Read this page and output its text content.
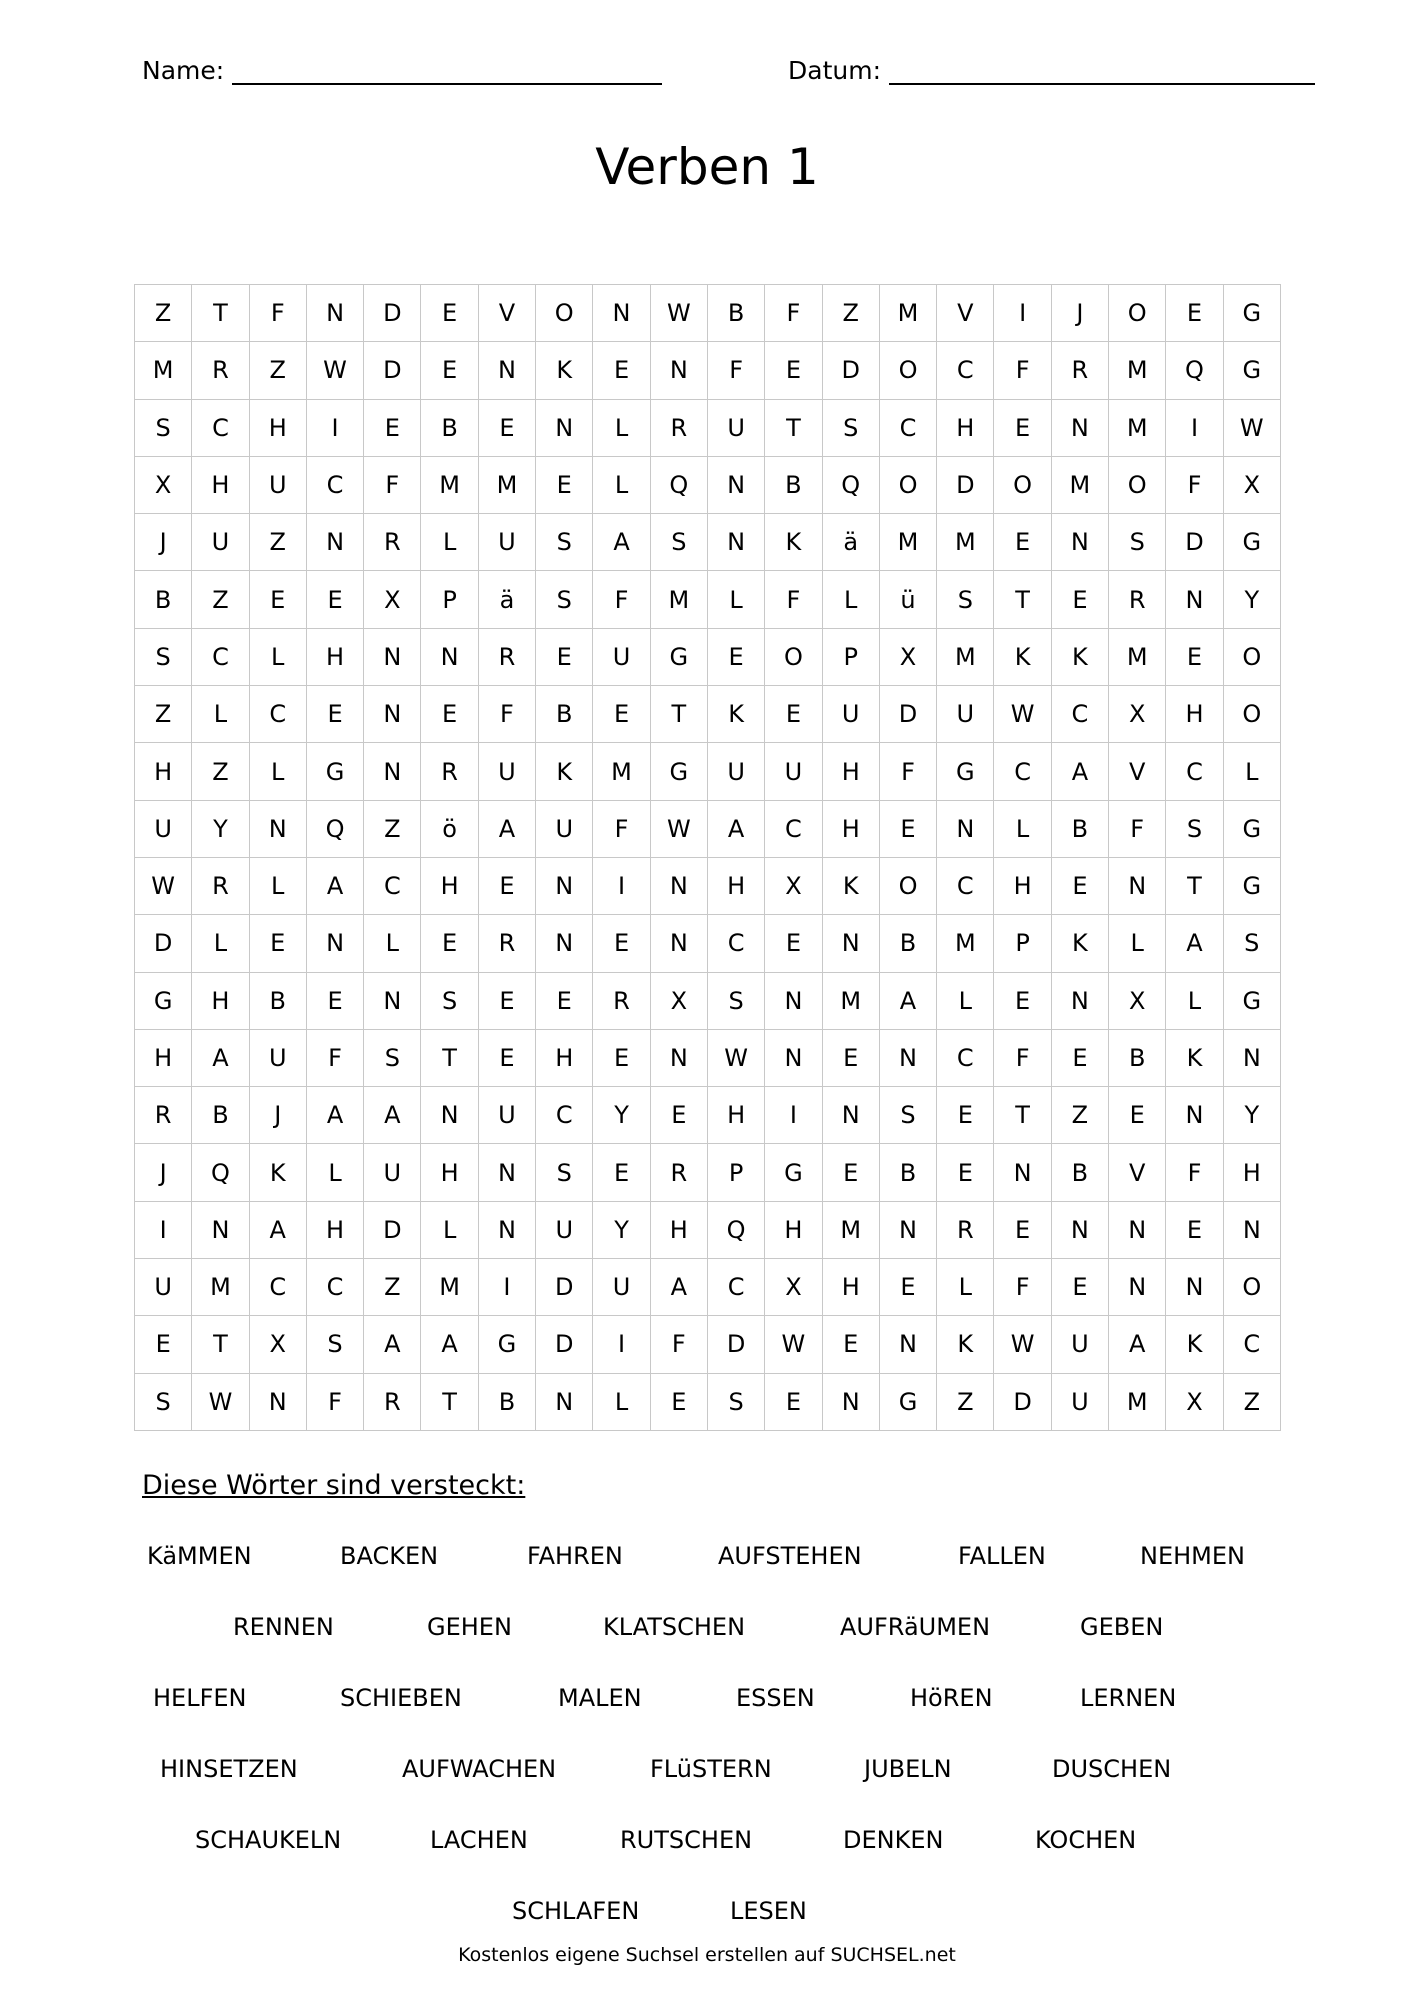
Name:	Datum:
Verben 1
Z	T	F	N	D	E	V	O	N	W	B	F	Z	M	V	I	J	O	E	G
M	R	Z	W	D	E	N	K	E	N	F	E	D	O	C	F	R	M	Q	G
S	C	H	I	E	B	E	N	L	R	U	T	S	C	H	E	N	M	I	W
X	H	U	C	F	M	M	E	L	Q	N	B	Q	O	D	O	M	O	F	X
J	U	Z	N	R	L	U	S	A	S	N	K	ä	M	M	E	N	S	D	G
B	Z	E	E	X	P	ä	S	F	M	L	F	L	ü	S	T	E	R	N	Y
S	C	L	H	N	N	R	E	U	G	E	O	P	X	M	K	K	M	E	O
Z	L	C	E	N	E	F	B	E	T	K	E	U	D	U	W	C	X	H	O
H	Z	L	G	N	R	U	K	M	G	U	U	H	F	G	C	A	V	C	L
U	Y	N	Q	Z	ö	A	U	F	W	A	C	H	E	N	L	B	F	S	G
W	R	L	A	C	H	E	N	I	N	H	X	K	O	C	H	E	N	T	G
D	L	E	N	L	E	R	N	E	N	C	E	N	B	M	P	K	L	A	S
G	H	B	E	N	S	E	E	R	X	S	N	M	A	L	E	N	X	L	G
H	A	U	F	S	T	E	H	E	N	W	N	E	N	C	F	E	B	K	N
R	B	J	A	A	N	U	C	Y	E	H	I	N	S	E	T	Z	E	N	Y
J	Q	K	L	U	H	N	S	E	R	P	G	E	B	E	N	B	V	F	H
I	N	A	H	D	L	N	U	Y	H	Q	H	M	N	R	E	N	N	E	N
U	M	C	C	Z	M	I	D	U	A	C	X	H	E	L	F	E	N	N	O
E	T	X	S	A	A	G	D	I	F	D	W	E	N	K	W	U	A	K	C
S	W	N	F	R	T	B	N	L	E	S	E	N	G	Z	D	U	M	X	Z
Diese Wörter sind versteckt:
KäMMEN	BACKEN	FAHREN	AUFSTEHEN	FALLEN	NEHMEN
RENNEN	GEHEN	KLATSCHEN	AUFRäUMEN	GEBEN
HELFEN	SCHIEBEN	MALEN	ESSEN	HöREN	LERNEN
HINSETZEN	AUFWACHEN	FLüSTERN	JUBELN	DUSCHEN
SCHAUKELN	LACHEN	RUTSCHEN	DENKEN	KOCHEN
SCHLAFEN	LESEN
Kostenlos eigene Suchsel erstellen auf SUCHSEL.net
